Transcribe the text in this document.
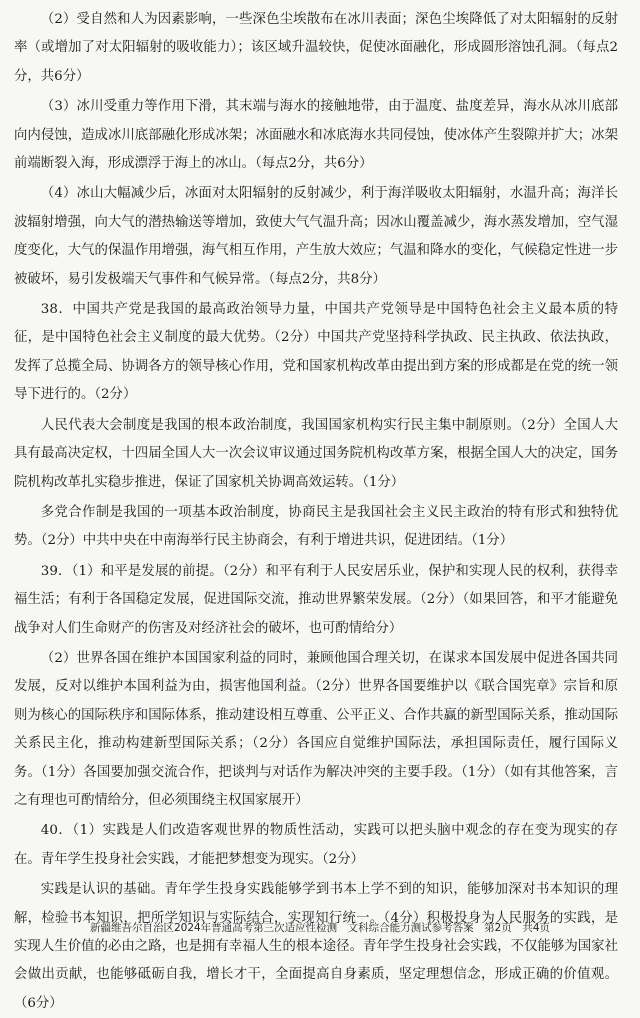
（2）受自然和人为因素影响，一些深色尘埃散布在冰川表面；深色尘埃降低了对太阳辐射的反射率（或增加了对太阳辐射的吸收能力）；该区域升温较快，促使冰面融化，形成圆形溶蚀孔洞。（每点2分，共6分）

（3）冰川受重力等作用下滑，其末端与海水的接触地带，由于温度、盐度差异，海水从冰川底部向内侵蚀，造成冰川底部融化形成冰架；冰面融水和冰底海水共同侵蚀，使冰体产生裂隙并扩大；冰架前端断裂入海，形成漂浮于海上的冰山。（每点2分，共6分）

（4）冰山大幅减少后，冰面对太阳辐射的反射减少，利于海洋吸收太阳辐射，水温升高；海洋长波辐射增强，向大气的潜热输送等增加，致使大气气温升高；因冰山覆盖减少，海水蒸发增加，空气湿度变化，大气的保温作用增强，海气相互作用，产生放大效应；气温和降水的变化，气候稳定性进一步被破坏，易引发极端天气事件和气候异常。（每点2分，共8分）

38．中国共产党是我国的最高政治领导力量，中国共产党领导是中国特色社会主义最本质的特征，是中国特色社会主义制度的最大优势。（2分）中国共产党坚持科学执政、民主执政、依法执政，发挥了总揽全局、协调各方的领导核心作用，党和国家机构改革由提出到方案的形成都是在党的统一领导下进行的。（2分）

人民代表大会制度是我国的根本政治制度，我国国家机构实行民主集中制原则。（2分）全国人大具有最高决定权，十四届全国人大一次会议审议通过国务院机构改革方案，根据全国人大的决定，国务院机构改革扎实稳步推进，保证了国家机关协调高效运转。（1分）

多党合作制是我国的一项基本政治制度，协商民主是我国社会主义民主政治的特有形式和独特优势。（2分）中共中央在中南海举行民主协商会，有利于增进共识，促进团结。（1分）

39．（1）和平是发展的前提。（2分）和平有利于人民安居乐业，保护和实现人民的权利，获得幸福生活；有利于各国稳定发展，促进国际交流，推动世界繁荣发展。（2分）（如果回答，和平才能避免战争对人们生命财产的伤害及对经济社会的破坏，也可酌情给分）

（2）世界各国在维护本国国家利益的同时，兼顾他国合理关切，在谋求本国发展中促进各国共同发展，反对以维护本国利益为由，损害他国利益。（2分）世界各国要维护以《联合国宪章》宗旨和原则为核心的国际秩序和国际体系，推动建设相互尊重、公平正义、合作共赢的新型国际关系，推动国际关系民主化，推动构建新型国际关系；（2分）各国应自觉维护国际法，承担国际责任，履行国际义务。（1分）各国要加强交流合作，把谈判与对话作为解决冲突的主要手段。（1分）（如有其他答案，言之有理也可酌情给分，但必须围绕主权国家展开）

40．（1）实践是人们改造客观世界的物质性活动，实践可以把头脑中观念的存在变为现实的存在。青年学生投身社会实践，才能把梦想变为现实。（2分）

实践是认识的基础。青年学生投身实践能够学到书本上学不到的知识，能够加深对书本知识的理解，检验书本知识，把所学知识与实际结合，实现知行统一。（4分）积极投身为人民服务的实践，是实现人生价值的必由之路，也是拥有幸福人生的根本途径。青年学生投身社会实践，不仅能够为国家社会做出贡献，也能够砥砺自我，增长才干，全面提高自身素质，坚定理想信念，形成正确的价值观。（6分）

新疆维吾尔自治区2024年普通高考第三次适应性检测　文科综合能力测试参考答案　第2页　共4页
